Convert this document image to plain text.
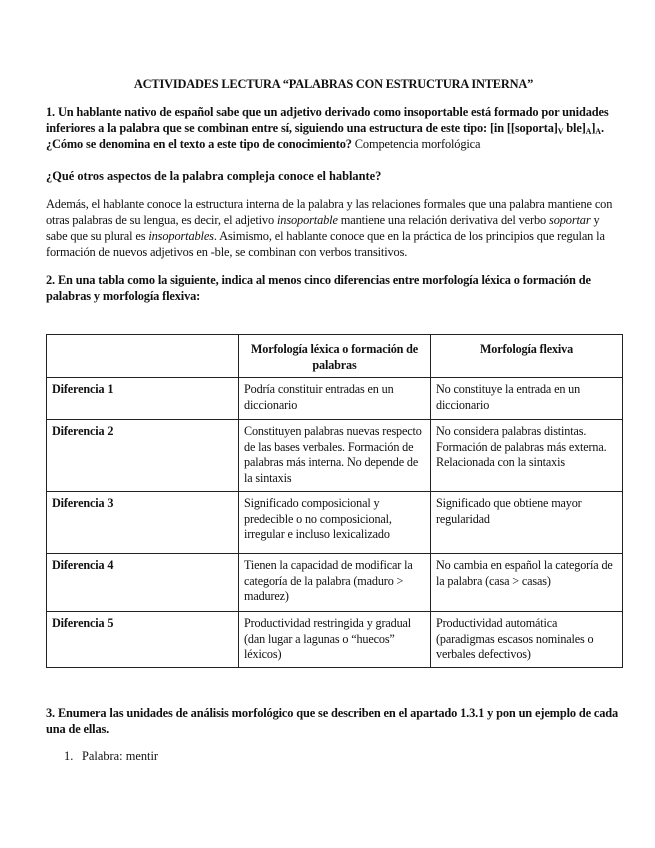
ACTIVIDADES LECTURA “PALABRAS CON ESTRUCTURA INTERNA”
1. Un hablante nativo de español sabe que un adjetivo derivado como insoportable está formado por unidades inferiores a la palabra que se combinan entre sí, siguiendo una estructura de este tipo: [in [$[soporta]_V$ $ble]_A]_A$. ¿Cómo se denomina en el texto a este tipo de conocimiento? Competencia morfológica
¿Qué otros aspectos de la palabra compleja conoce el hablante?
Además, el hablante conoce la estructura interna de la palabra y las relaciones formales que una palabra mantiene con otras palabras de su lengua, es decir, el adjetivo insoportable mantiene una relación derivativa del verbo soportar y sabe que su plural es insoportables. Asimismo, el hablante conoce que en la práctica de los principios que regulan la formación de nuevos adjetivos en -ble, se combinan con verbos transitivos.
2. En una tabla como la siguiente, indica al menos cinco diferencias entre morfología léxica o formación de palabras y morfología flexiva:
	Morfología léxica o formación de palabras	Morfología flexiva
Diferencia 1	Podría constituir entradas en un diccionario	No constituye la entrada en un diccionario
Diferencia 2	Constituyen palabras nuevas respecto de las bases verbales. Formación de palabras más interna. No depende de la sintaxis	No considera palabras distintas. Formación de palabras más externa. Relacionada con la sintaxis
Diferencia 3	Significado composicional y predecible o no composicional, irregular e incluso lexicalizado	Significado que obtiene mayor regularidad
Diferencia 4	Tienen la capacidad de modificar la categoría de la palabra (maduro > madurez)	No cambia en español la categoría de la palabra (casa > casas)
Diferencia 5	Productividad restringida y gradual (dan lugar a lagunas o “huecos” léxicos)	Productividad automática (paradigmas escasos nominales o verbales defectivos)
3. Enumera las unidades de análisis morfológico que se describen en el apartado 1.3.1 y pon un ejemplo de cada una de ellas.
1. Palabra: mentir
